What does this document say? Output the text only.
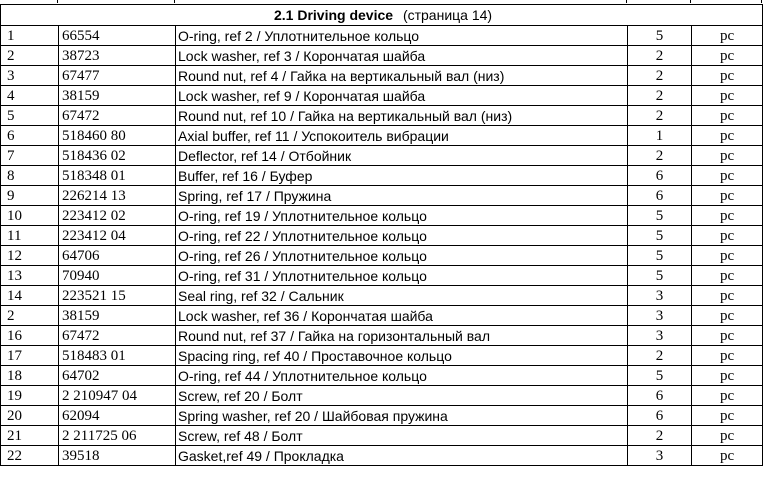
2.1 Driving device (страница 14)				
1	66554	O-ring, ref 2 / Уплотнительное кольцо	5	pc
2	38723	Lock washer, ref 3 / Корончатая шайба	2	pc
3	67477	Round nut, ref 4 / Гайка на вертикальный вал (низ)	2	pc
4	38159	Lock washer, ref 9 / Корончатая шайба	2	pc
5	67472	Round nut, ref 10 / Гайка на вертикальный вал (низ)	2	pc
6	518460 80	Axial buffer, ref 11 / Успокоитель вибрации	1	pc
7	518436 02	Deflector, ref 14 / Отбойник	2	pc
8	518348 01	Buffer, ref 16 / Буфер	6	pc
9	226214 13	Spring, ref 17 / Пружина	6	pc
10	223412 02	O-ring, ref 19 / Уплотнительное кольцо	5	pc
11	223412 04	O-ring, ref 22 / Уплотнительное кольцо	5	pc
12	64706	O-ring, ref 26 / Уплотнительное кольцо	5	pc
13	70940	O-ring, ref 31 / Уплотнительное кольцо	5	pc
14	223521 15	Seal ring, ref 32 / Сальник	3	pc
2	38159	Lock washer, ref 36 / Корончатая шайба	3	pc
16	67472	Round nut, ref 37 / Гайка на горизонтальный вал	3	pc
17	518483 01	Spacing ring, ref 40 / Проставочное кольцо	2	pc
18	64702	O-ring, ref 44 / Уплотнительное кольцо	5	pc
19	2 210947 04	Screw, ref 20 / Болт	6	pc
20	62094	Spring washer, ref 20 / Шайбовая пружина	6	pc
21	2 211725 06	Screw, ref 48 / Болт	2	pc
22	39518	Gasket,ref 49 / Прокладка	3	pc
